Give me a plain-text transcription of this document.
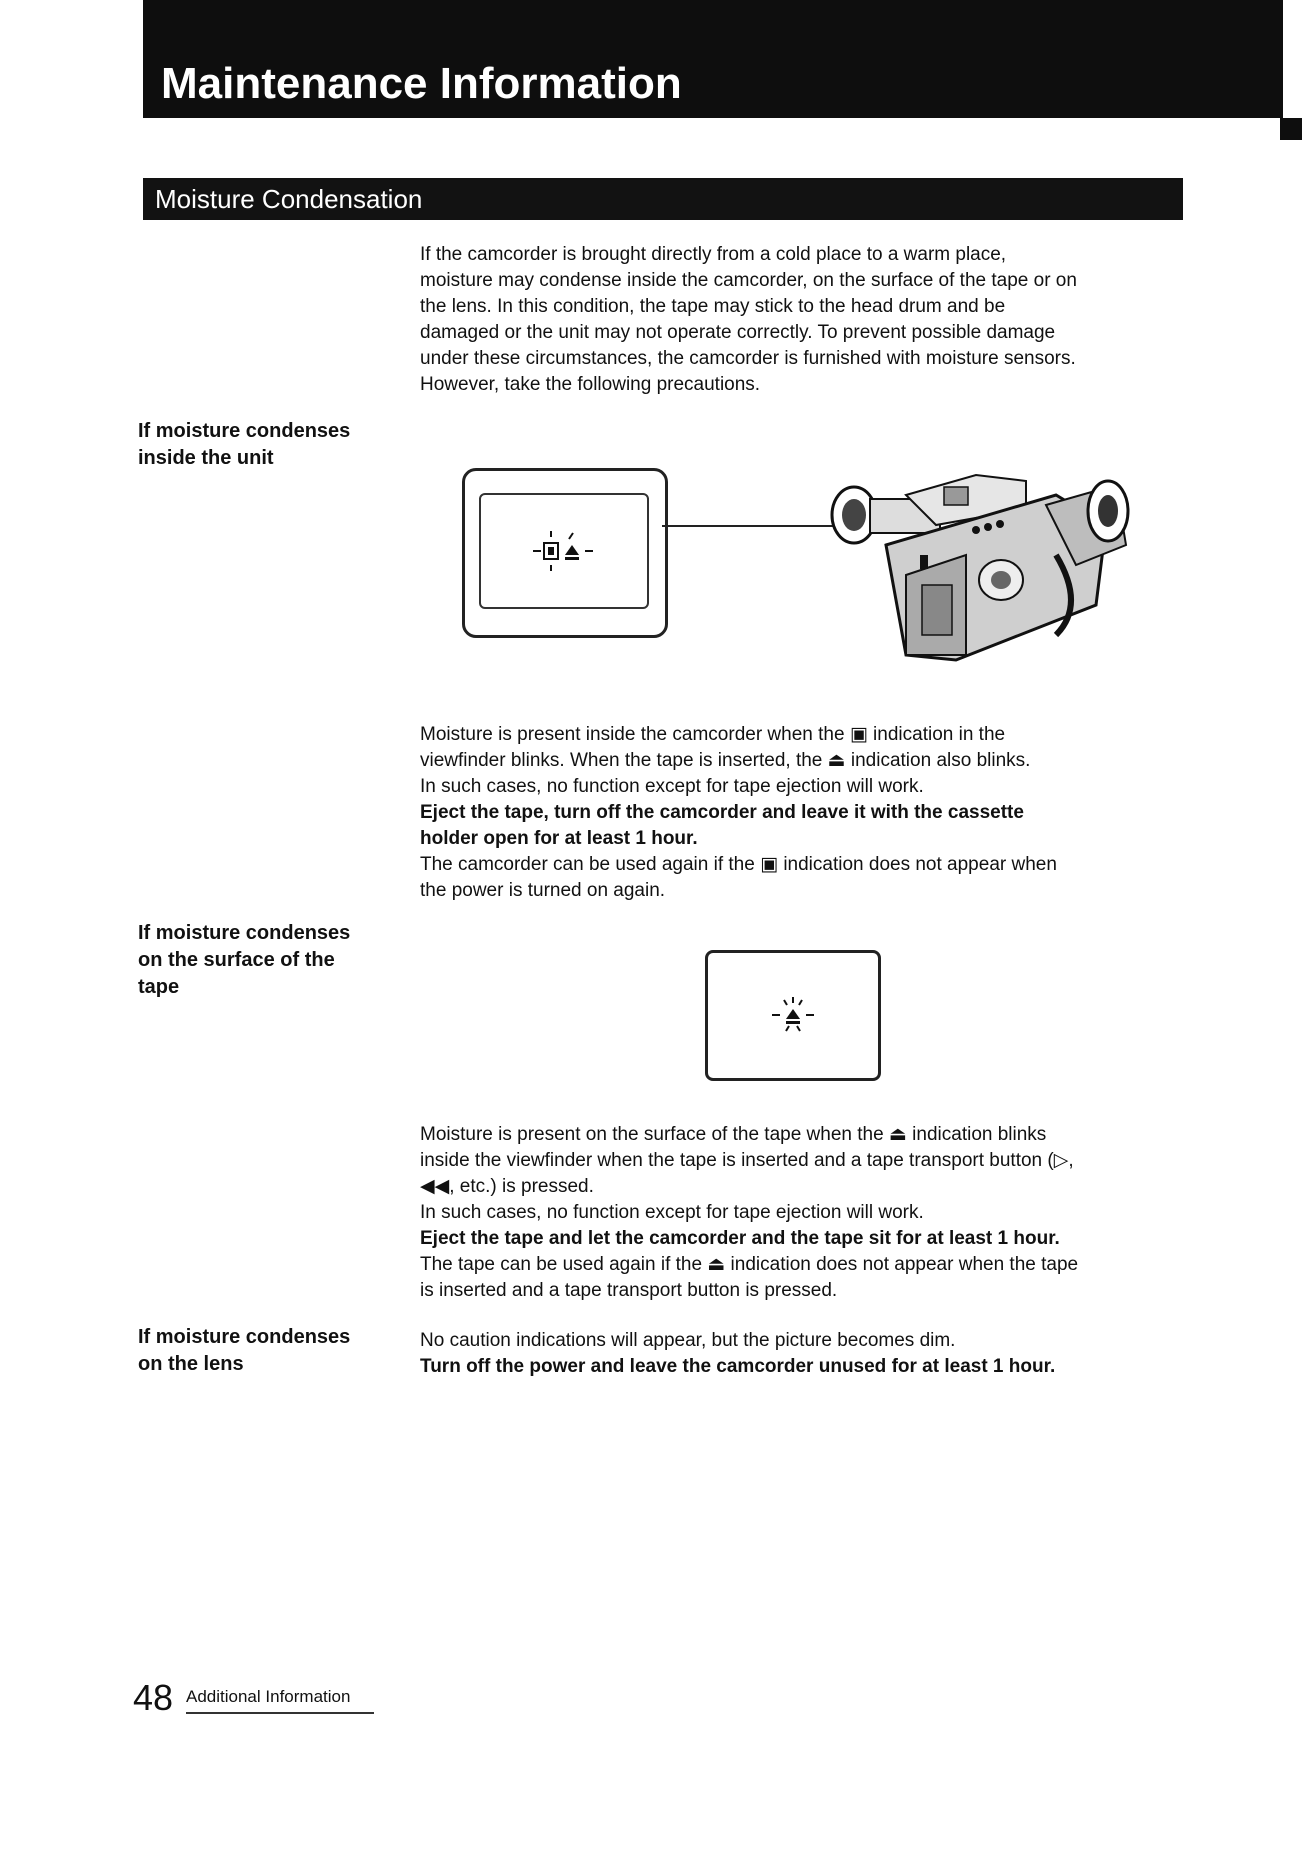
Maintenance Information
Moisture Condensation

If the camcorder is brought directly from a cold place to a warm place,

moisture may condense inside the camcorder, on the surface of the tape or on

the lens. In this condition, the tape may stick to the head drum and be

damaged or the unit may not operate correctly. To prevent possible damage

under these circumstances, the camcorder is furnished with moisture sensors.

However, take the following precautions.

If moisture condenses
inside the unit

Moisture is present inside the camcorder when the ▣ indication in the

viewfinder blinks. When the tape is inserted, the ⏏ indication also blinks.

In such cases, no function except for tape ejection will work.

Eject the tape, turn off the camcorder and leave it with the cassette

holder open for at least 1 hour.

The camcorder can be used again if the ▣ indication does not appear when

the power is turned on again.

If moisture condenses
on the surface of the
tape

Moisture is present on the surface of the tape when the ⏏ indication blinks

inside the viewfinder when the tape is inserted and a tape transport button (▷,

◀◀, etc.) is pressed.

In such cases, no function except for tape ejection will work.

Eject the tape and let the camcorder and the tape sit for at least 1 hour.

The tape can be used again if the ⏏ indication does not appear when the tape

is inserted and a tape transport button is pressed.

If moisture condenses
on the lens

No caution indications will appear, but the picture becomes dim.

Turn off the power and leave the camcorder unused for at least 1 hour.

48 Additional Information
